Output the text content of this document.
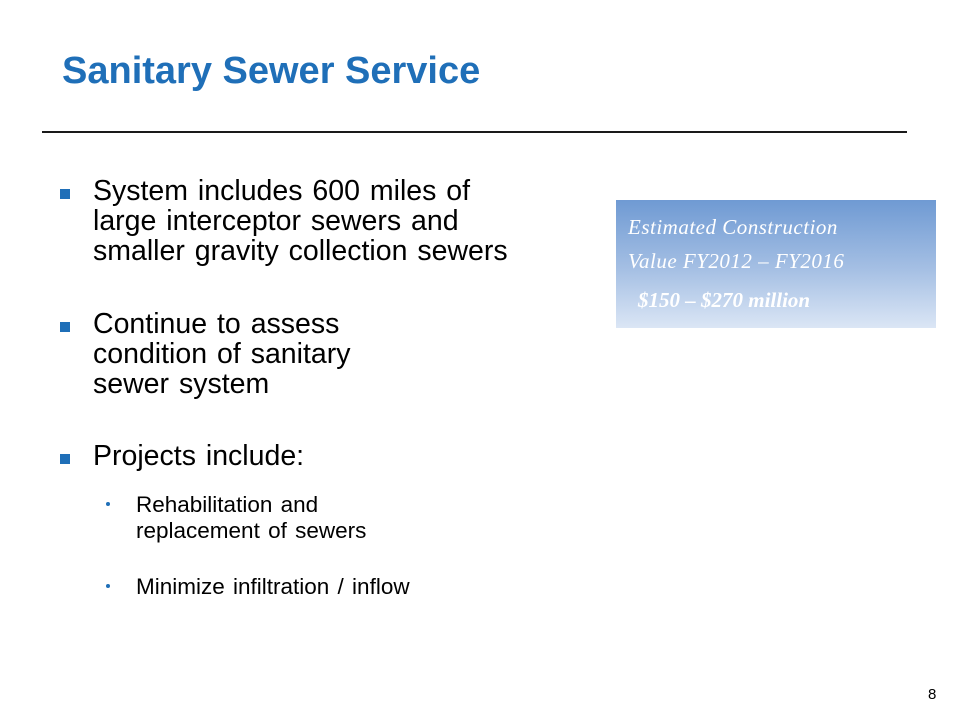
Sanitary Sewer Service
System includes 600 miles of
large interceptor sewers and
smaller gravity collection sewers
Continue to assess
condition of sanitary
sewer system
Projects include:
Rehabilitation and
replacement of sewers
Minimize infiltration / inflow
Estimated Construction
Value FY2012 – FY2016
$150 – $270 million
8
